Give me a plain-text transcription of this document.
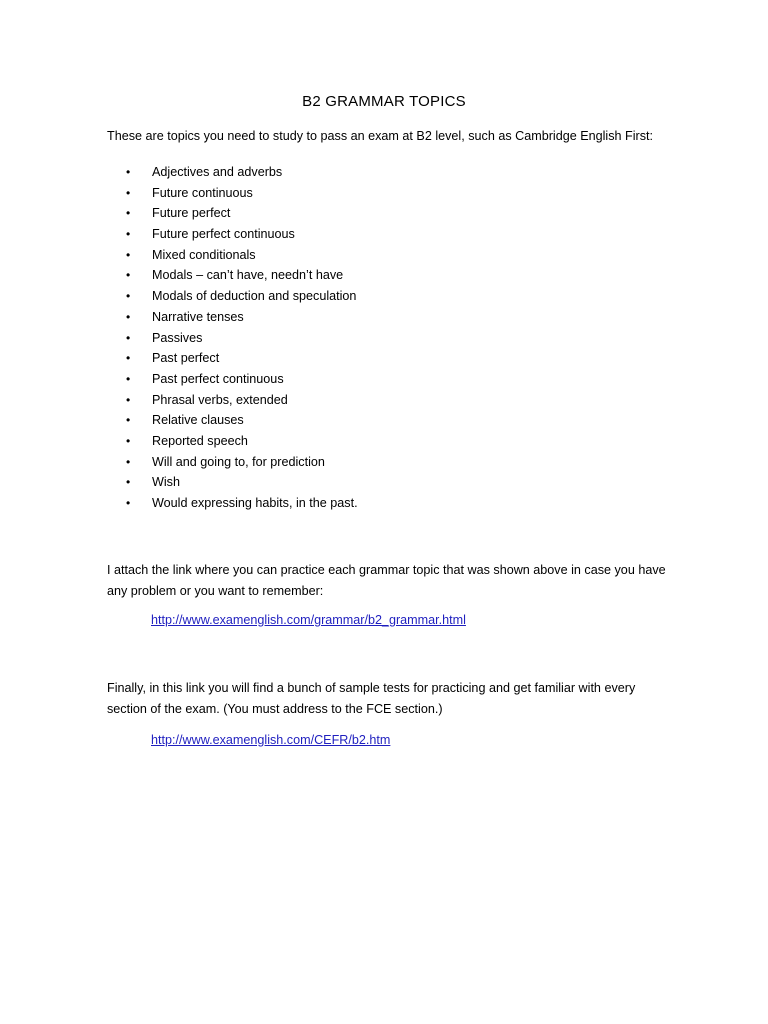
B2 GRAMMAR TOPICS
These are topics you need to study to pass an exam at B2 level, such as Cambridge English First:
• Adjectives and adverbs
• Future continuous
• Future perfect
• Future perfect continuous
• Mixed conditionals
• Modals – can’t have, needn’t have
• Modals of deduction and speculation
• Narrative tenses
• Passives
• Past perfect
• Past perfect continuous
• Phrasal verbs, extended
• Relative clauses
• Reported speech
• Will and going to, for prediction
• Wish
• Would expressing habits, in the past.
I attach the link where you can practice each grammar topic that was shown above in case you have any problem or you want to remember:
http://www.examenglish.com/grammar/b2_grammar.html
Finally, in this link you will find a bunch of sample tests for practicing and get familiar with every section of the exam. (You must address to the FCE section.)
http://www.examenglish.com/CEFR/b2.htm
